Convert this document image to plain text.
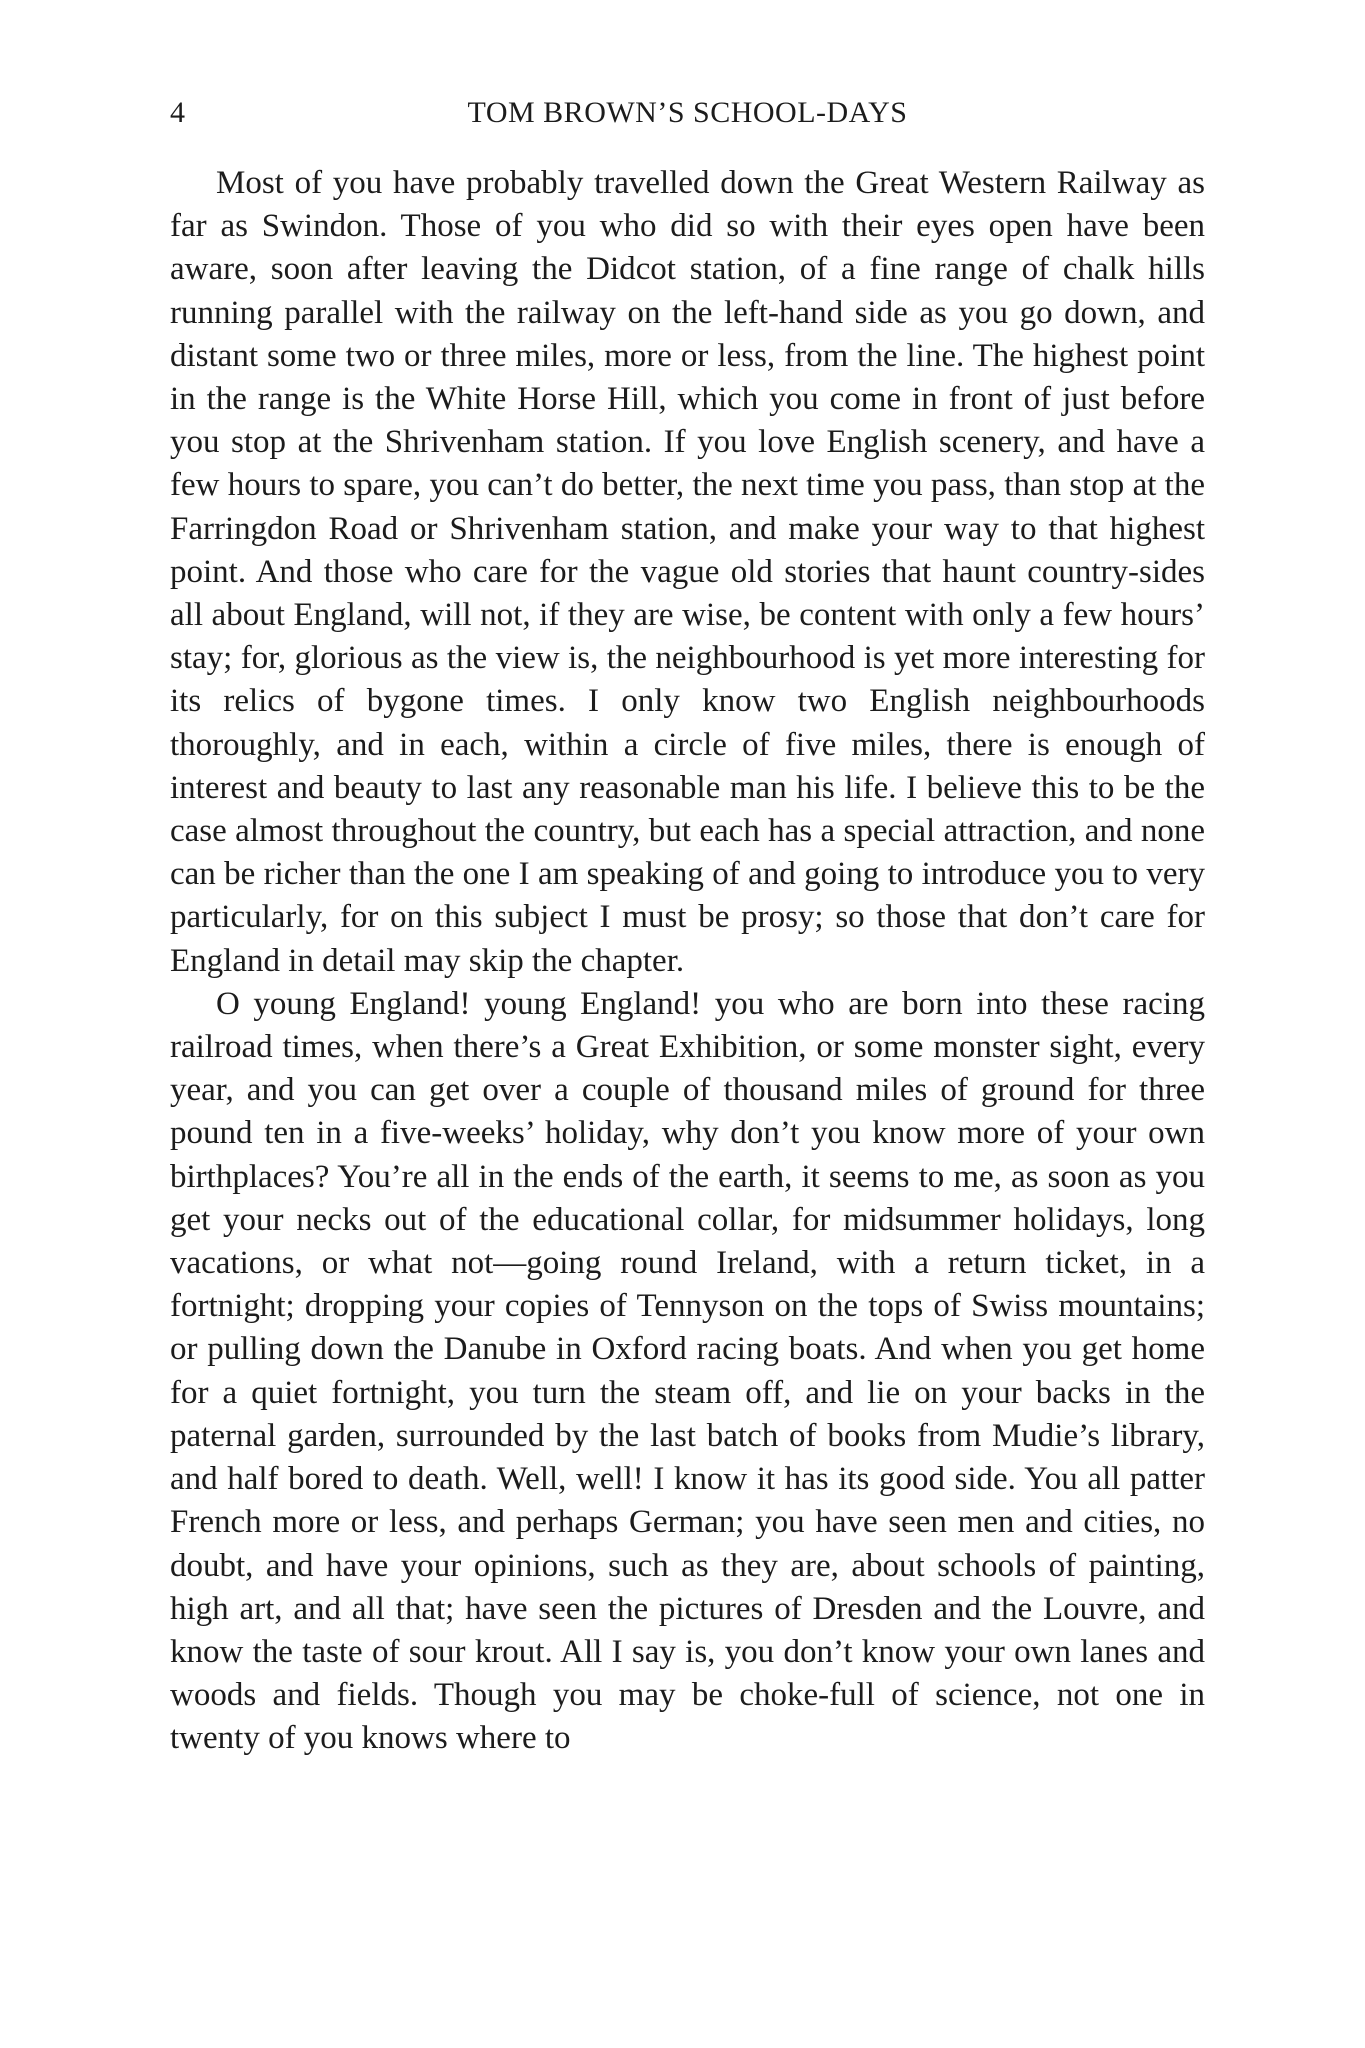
4	TOM BROWN’S SCHOOL-DAYS

Most of you have probably travelled down the Great Western Railway as far as Swindon. Those of you who did so with their eyes open have been aware, soon after leaving the Didcot station, of a fine range of chalk hills running parallel with the railway on the left-hand side as you go down, and distant some two or three miles, more or less, from the line. The highest point in the range is the White Horse Hill, which you come in front of just before you stop at the Shrivenham station. If you love English scenery, and have a few hours to spare, you can’t do better, the next time you pass, than stop at the Farringdon Road or Shrivenham station, and make your way to that highest point. And those who care for the vague old stories that haunt country-sides all about England, will not, if they are wise, be content with only a few hours’ stay; for, glorious as the view is, the neighbourhood is yet more interesting for its relics of bygone times. I only know two English neighbourhoods thoroughly, and in each, within a circle of five miles, there is enough of interest and beauty to last any reasonable man his life. I believe this to be the case almost throughout the country, but each has a special attraction, and none can be richer than the one I am speaking of and going to introduce you to very particularly, for on this subject I must be prosy; so those that don’t care for England in detail may skip the chapter.

O young England! young England! you who are born into these racing railroad times, when there’s a Great Exhibition, or some monster sight, every year, and you can get over a couple of thousand miles of ground for three pound ten in a five-weeks’ holiday, why don’t you know more of your own birthplaces? You’re all in the ends of the earth, it seems to me, as soon as you get your necks out of the educational collar, for midsummer holidays, long vacations, or what not—going round Ireland, with a return ticket, in a fortnight; dropping your copies of Tennyson on the tops of Swiss mountains; or pulling down the Danube in Oxford racing boats. And when you get home for a quiet fortnight, you turn the steam off, and lie on your backs in the paternal garden, surrounded by the last batch of books from Mudie’s library, and half bored to death. Well, well! I know it has its good side. You all patter French more or less, and perhaps German; you have seen men and cities, no doubt, and have your opinions, such as they are, about schools of painting, high art, and all that; have seen the pictures of Dresden and the Louvre, and know the taste of sour krout. All I say is, you don’t know your own lanes and woods and fields. Though you may be choke-full of science, not one in twenty of you knows where to
